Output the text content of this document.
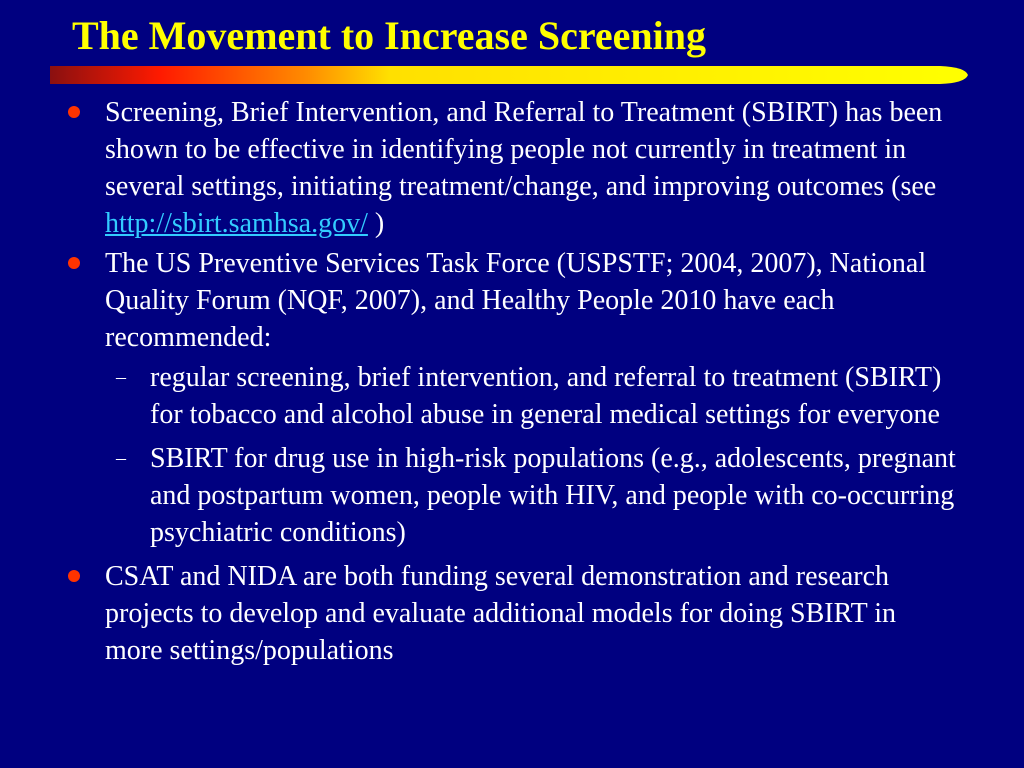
The Movement to Increase Screening
Screening, Brief Intervention, and Referral to Treatment (SBIRT) has been shown to be effective in identifying people not currently in treatment in several settings, initiating treatment/change, and improving outcomes (see
http://sbirt.samhsa.gov/ )
The US Preventive Services Task Force (USPSTF; 2004, 2007), National Quality Forum (NQF, 2007), and Healthy People 2010 have each recommended:
– regular screening, brief intervention, and referral to treatment (SBIRT) for tobacco and alcohol abuse in general medical settings for everyone
– SBIRT for drug use in high-risk populations (e.g., adolescents, pregnant and postpartum women, people with HIV, and people with co-occurring psychiatric conditions)
CSAT and NIDA are both funding several demonstration and research projects to develop and evaluate additional models for doing SBIRT in more settings/populations
